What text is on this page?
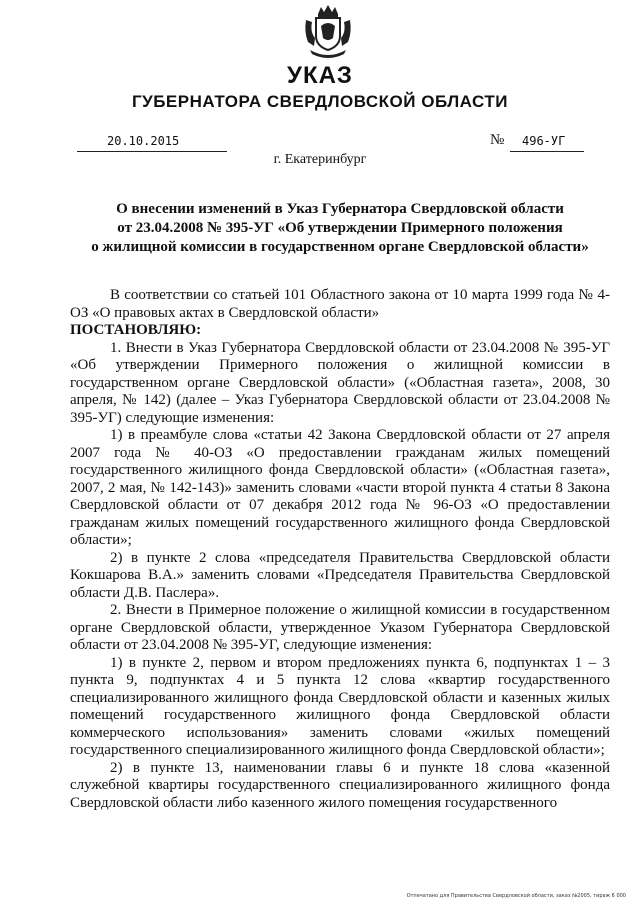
УКАЗ
ГУБЕРНАТОРА СВЕРДЛОВСКОЙ ОБЛАСТИ
20.10.2015	№ 496-УГ
г. Екатеринбург
О внесении изменений в Указ Губернатора Свердловской области
от 23.04.2008 № 395-УГ «Об утверждении Примерного положения
о жилищной комиссии в государственном органе Свердловской области»

В соответствии со статьей 101 Областного закона от 10 марта 1999 года № 4-ОЗ «О правовых актах в Свердловской области»

ПОСТАНОВЛЯЮ:

1. Внести в Указ Губернатора Свердловской области от 23.04.2008 № 395-УГ «Об утверждении Примерного положения о жилищной комиссии в государственном органе Свердловской области» («Областная газета», 2008, 30 апреля, № 142) (далее – Указ Губернатора Свердловской области от 23.04.2008 № 395-УГ) следующие изменения:

1) в преамбуле слова «статьи 42 Закона Свердловской области от 27 апреля 2007 года № 40-ОЗ «О предоставлении гражданам жилых помещений государственного жилищного фонда Свердловской области» («Областная газета», 2007, 2 мая, № 142-143)» заменить словами «части второй пункта 4 статьи 8 Закона Свердловской области от 07 декабря 2012 года № 96-ОЗ «О предоставлении гражданам жилых помещений государственного жилищного фонда Свердловской области»;

2) в пункте 2 слова «председателя Правительства Свердловской области Кокшарова В.А.» заменить словами «Председателя Правительства Свердловской области Д.В. Паслера».

2. Внести в Примерное положение о жилищной комиссии в государственном органе Свердловской области, утвержденное Указом Губернатора Свердловской области от 23.04.2008 № 395-УГ, следующие изменения:

1) в пункте 2, первом и втором предложениях пункта 6, подпунктах 1 – 3 пункта 9, подпунктах 4 и 5 пункта 12 слова «квартир государственного специализированного жилищного фонда Свердловской области и казенных жилых помещений государственного жилищного фонда Свердловской области коммерческого использования» заменить словами «жилых помещений государственного специализированного жилищного фонда Свердловской области»;

2) в пункте 13, наименовании главы 6 и пункте 18 слова «казенной служебной квартиры государственного специализированного жилищного фонда Свердловской области либо казенного жилого помещения государственного

Отпечатано для Правительства Свердловской области, заказ №2005, тираж 6 000
